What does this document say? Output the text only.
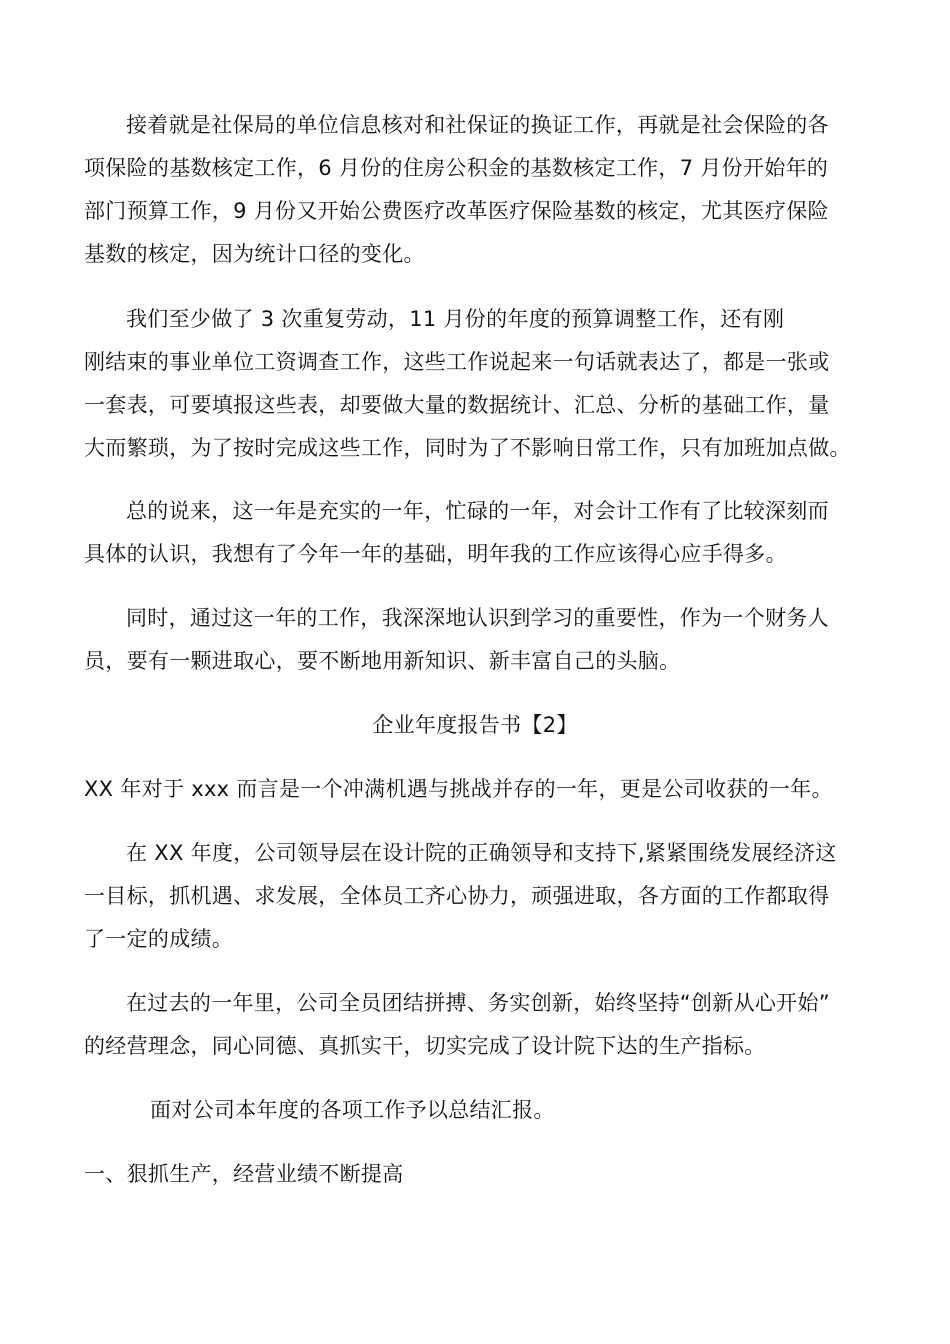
接着就是社保局的单位信息核对和社保证的换证工作，再就是社会保险的各
项保险的基数核定工作，6 月份的住房公积金的基数核定工作，7 月份开始年的
部门预算工作，9 月份又开始公费医疗改革医疗保险基数的核定，尤其医疗保险
基数的核定，因为统计口径的变化。
我们至少做了 3 次重复劳动，11 月份的年度的预算调整工作，还有刚
刚结束的事业单位工资调查工作，这些工作说起来一句话就表达了，都是一张或
一套表，可要填报这些表，却要做大量的数据统计、汇总、分析的基础工作，量
大而繁琐，为了按时完成这些工作，同时为了不影响日常工作，只有加班加点做。
总的说来，这一年是充实的一年，忙碌的一年，对会计工作有了比较深刻而
具体的认识，我想有了今年一年的基础，明年我的工作应该得心应手得多。
同时，通过这一年的工作，我深深地认识到学习的重要性，作为一个财务人
员，要有一颗进取心，要不断地用新知识、新丰富自己的头脑。
企业年度报告书【2】
XX 年对于 xxx 而言是一个冲满机遇与挑战并存的一年，更是公司收获的一年。
在 XX 年度，公司领导层在设计院的正确领导和支持下,紧紧围绕发展经济这
一目标，抓机遇、求发展，全体员工齐心协力，顽强进取，各方面的工作都取得
了一定的成绩。
在过去的一年里，公司全员团结拼搏、务实创新，始终坚持“创新从心开始”
的经营理念，同心同德、真抓实干，切实完成了设计院下达的生产指标。
面对公司本年度的各项工作予以总结汇报。
一、狠抓生产，经营业绩不断提高
